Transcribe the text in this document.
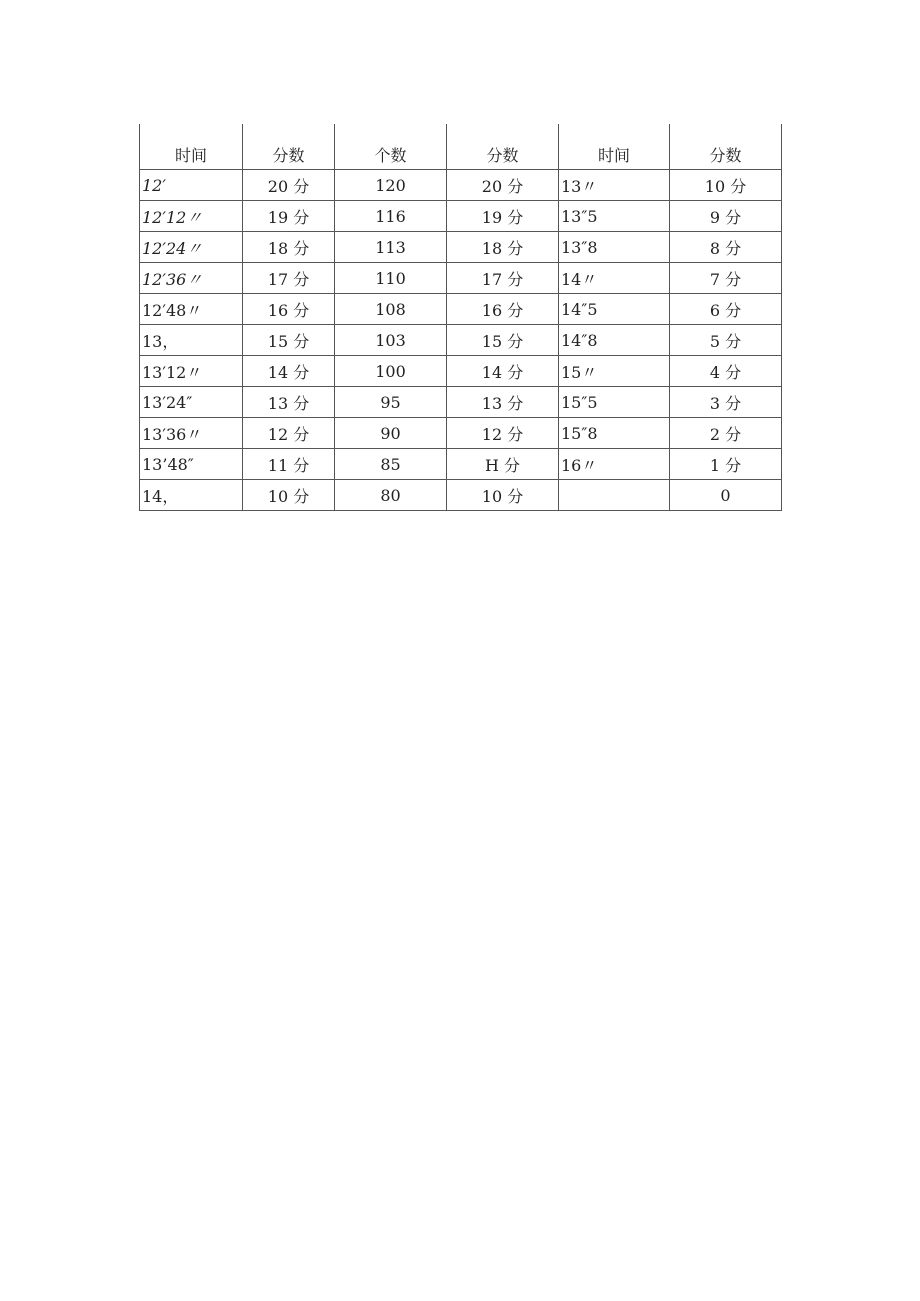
时间	分数	个数	分数	时间	分数
12′	20 分	120	20 分	13〃	10 分
12′12〃	19 分	116	19 分	13″5	9 分
12′24〃	18 分	113	18 分	13″8	8 分
12′36〃	17 分	110	17 分	14〃	7 分
12′48〃	16 分	108	16 分	14″5	6 分
13，	15 分	103	15 分	14″8	5 分
13′12〃	14 分	100	14 分	15〃	4 分
13′24″	13 分	95	13 分	15″5	3 分
13′36〃	12 分	90	12 分	15″8	2 分
13’48″	11 分	85	H 分	16〃	1 分
14，	10 分	80	10 分		0
